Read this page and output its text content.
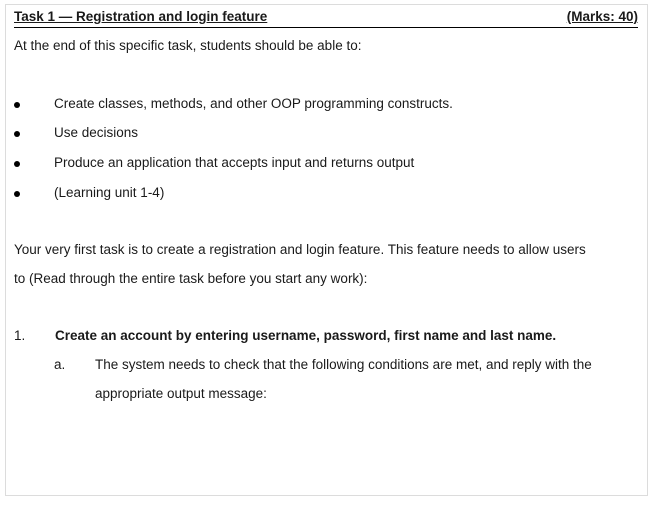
Task 1 — Registration and login feature	(Marks: 40)
At the end of this specific task, students should be able to:
Create classes, methods, and other OOP programming constructs.
Use decisions
Produce an application that accepts input and returns output
(Learning unit 1-4)
Your very first task is to create a registration and login feature. This feature needs to allow users
to (Read through the entire task before you start any work):
1. Create an account by entering username, password, first name and last name.
a. The system needs to check that the following conditions are met, and reply with the
appropriate output message:
